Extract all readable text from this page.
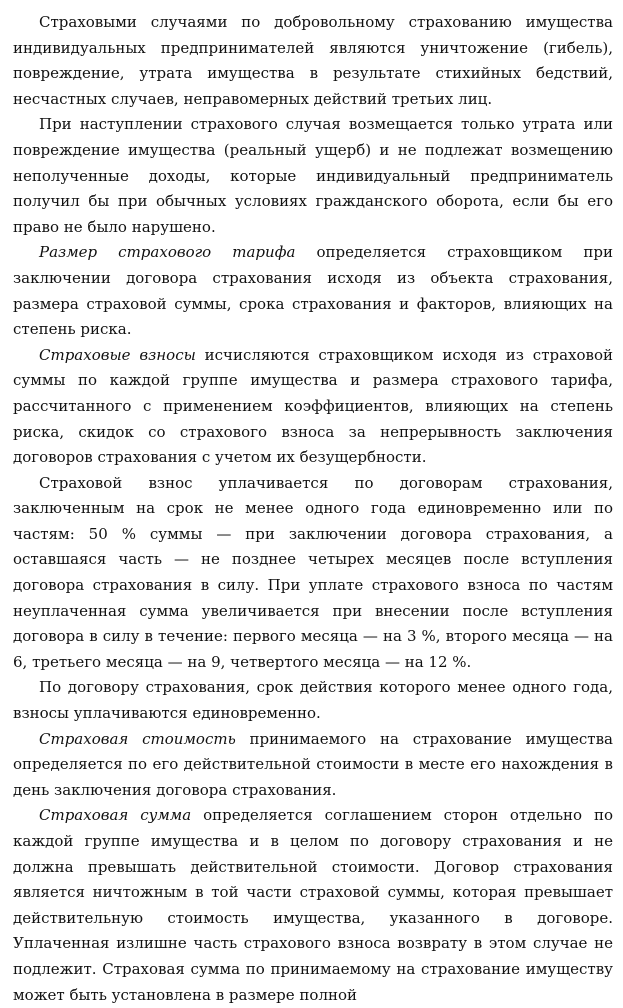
Страховыми случаями по добровольному страхованию имущества индивидуальных предпринимателей являются уничтожение (гибель), повреждение, утрата имущества в результате стихийных бедствий, несчастных случаев, неправомерных действий третьих лиц.

При наступлении страхового случая возмещается только утрата или повреждение имущества (реальный ущерб) и не подлежат возмещению неполученные доходы, которые индивидуальный предприниматель получил бы при обычных условиях гражданского оборота, если бы его право не было нарушено.

Размер страхового тарифа определяется страховщиком при заключении договора страхования исходя из объекта страхования, размера страховой суммы, срока страхования и факторов, влияющих на степень риска.

Страховые взносы исчисляются страховщиком исходя из страховой суммы по каждой группе имущества и размера страхового тарифа, рассчитанного с применением коэффициентов, влияющих на степень риска, скидок со страхового взноса за непрерывность заключения договоров страхования с учетом их безущербности.

Страховой взнос уплачивается по договорам страхования, заключенным на срок не менее одного года единовременно или по частям: 50 % суммы — при заключении договора страхования, а оставшаяся часть — не позднее четырех месяцев после вступления договора страхования в силу. При уплате страхового взноса по частям неуплаченная сумма увеличивается при внесении после вступления договора в силу в течение: первого месяца — на 3 %, второго месяца — на 6, третьего месяца — на 9, четвертого месяца — на 12 %.

По договору страхования, срок действия которого менее одного года, взносы уплачиваются единовременно.

Страховая стоимость принимаемого на страхование имущества определяется по его действительной стоимости в месте его нахождения в день заключения договора страхования.

Страховая сумма определяется соглашением сторон отдельно по каждой группе имущества и в целом по договору страхования и не должна превышать действительной стоимости. Договор страхования является ничтожным в той части страховой суммы, которая превышает действительную стоимость имущества, указанного в договоре. Уплаченная излишне часть страхового взноса возврату в этом случае не подлежит. Страховая сумма по принимаемому на страхование имуществу может быть установлена в размере полной
